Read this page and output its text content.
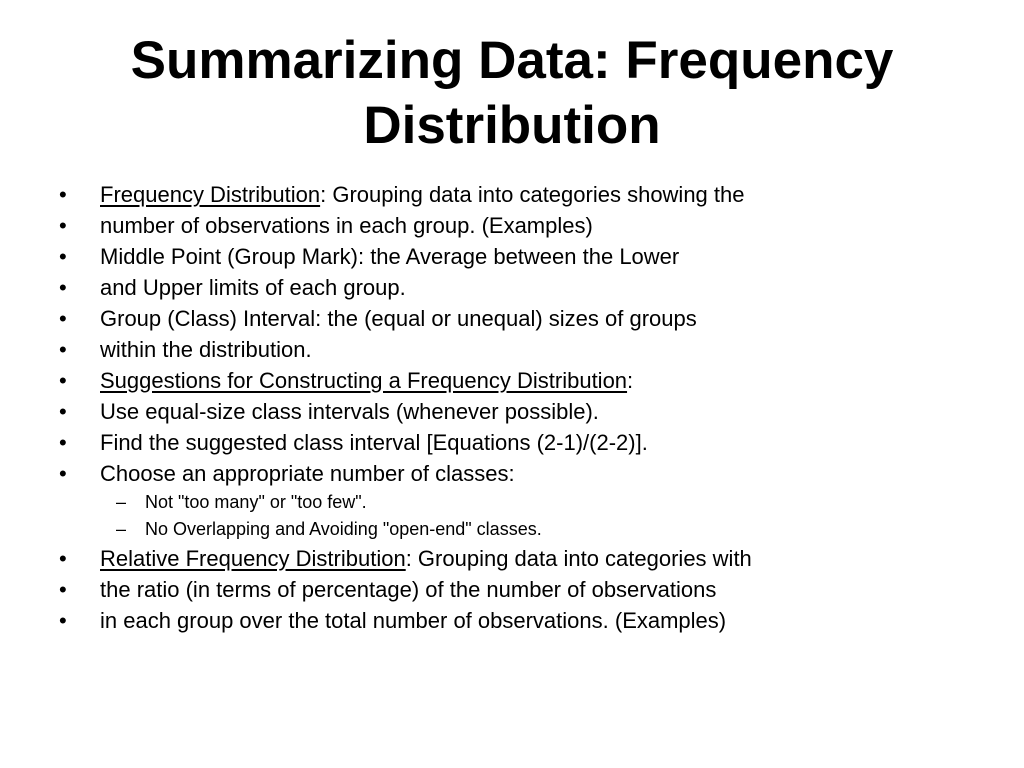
Summarizing Data: Frequency
Distribution
• Frequency Distribution: Grouping data into categories showing the
• number of observations in each group. (Examples)
• Middle Point (Group Mark): the Average between the Lower
• and Upper limits of each group.
• Group (Class) Interval: the (equal or unequal) sizes of groups
• within the distribution.
• Suggestions for Constructing a Frequency Distribution:
• Use equal-size class intervals (whenever possible).
• Find the suggested class interval [Equations (2-1)/(2-2)].
• Choose an appropriate number of classes:
– Not "too many" or "too few".
– No Overlapping and Avoiding "open-end" classes.
• Relative Frequency Distribution: Grouping data into categories with
• the ratio (in terms of percentage) of the number of observations
• in each group over the total number of observations. (Examples)
